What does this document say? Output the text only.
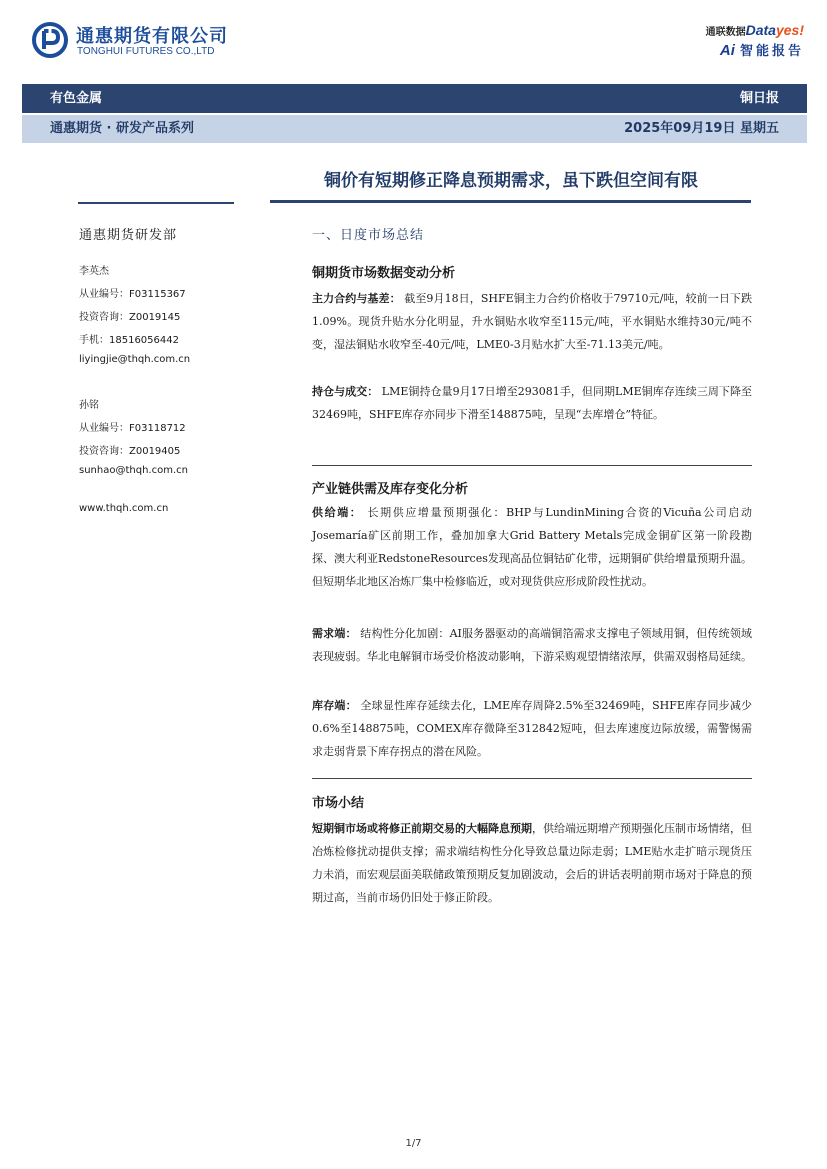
通惠期货有限公司
TONGHUI FUTURES CO.,LTD
通联数据Datayes!
Ai 智能报告
有色金属	铜日报
通惠期货 · 研发产品系列	2025年09月19日 星期五
铜价有短期修正降息预期需求，虽下跌但空间有限
通惠期货研发部
李英杰
从业编号：F03115367
投资咨询：Z0019145
手机：18516056442
liyingjie@thqh.com.cn
孙铭
从业编号：F03118712
投资咨询：Z0019405
sunhao@thqh.com.cn
www.thqh.com.cn
一、日度市场总结
铜期货市场数据变动分析
主力合约与基差： 截至9月18日，SHFE铜主力合约价格收于79710元/吨，较前一日下跌1.09%。现货升贴水分化明显，升水铜贴水收窄至115元/吨，平水铜贴水维持30元/吨不变，湿法铜贴水收窄至-40元/吨，LME0-3月贴水扩大至-71.13美元/吨。
持仓与成交： LME铜持仓量9月17日增至293081手，但同期LME铜库存连续三周下降至32469吨，SHFE库存亦同步下滑至148875吨，呈现“去库增仓”特征。
产业链供需及库存变化分析
供给端： 长期供应增量预期强化：BHP与LundinMining合资的Vicuña公司启动Josemaría矿区前期工作，叠加加拿大Grid Battery Metals完成金铜矿区第一阶段勘探、澳大利亚RedstoneResources发现高品位铜钴矿化带，远期铜矿供给增量预期升温。但短期华北地区冶炼厂集中检修临近，或对现货供应形成阶段性扰动。
需求端： 结构性分化加剧：AI服务器驱动的高端铜箔需求支撑电子领域用铜，但传统领域表现疲弱。华北电解铜市场受价格波动影响，下游采购观望情绪浓厚，供需双弱格局延续。
库存端： 全球显性库存延续去化，LME库存周降2.5%至32469吨，SHFE库存同步减少0.6%至148875吨，COMEX库存微降至312842短吨，但去库速度边际放缓，需警惕需求走弱背景下库存拐点的潜在风险。
市场小结
短期铜市场或将修正前期交易的大幅降息预期，供给端远期增产预期强化压制市场情绪，但冶炼检修扰动提供支撑；需求端结构性分化导致总量边际走弱；LME贴水走扩暗示现货压力未消，而宏观层面美联储政策预期反复加剧波动，会后的讲话表明前期市场对于降息的预期过高，当前市场仍旧处于修正阶段。
1/7
